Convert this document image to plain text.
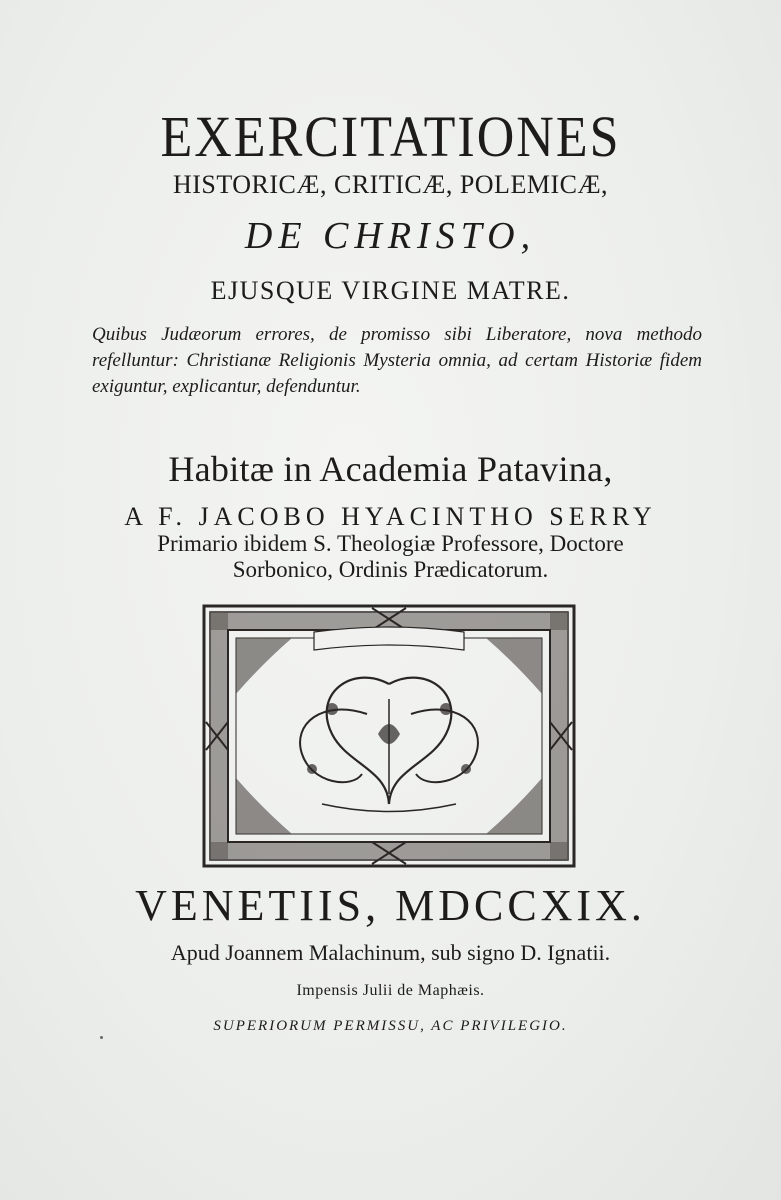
EXERCITATIONES
HISTORICÆ, CRITICÆ, POLEMICÆ,
DE CHRISTO,
EJUSQUE VIRGINE MATRE.
Quibus Judæorum errores, de promisso sibi Liberatore, nova methodo refelluntur: Christianæ Religionis Mysteria omnia, ad certam Historiæ fidem exiguntur, explicantur, defenduntur.
Habitæ in Academia Patavina,
A F. JACOBO HYACINTHO SERRY
Primario ibidem S. Theologiæ Professore, Doctore
Sorbonico, Ordinis Prædicatorum.
VENETIIS, MDCCXIX.
Apud Joannem Malachinum, sub signo D. Ignatii.
Impensis Julii de Maphæis.
SUPERIORUM PERMISSU, AC PRIVILEGIO.
